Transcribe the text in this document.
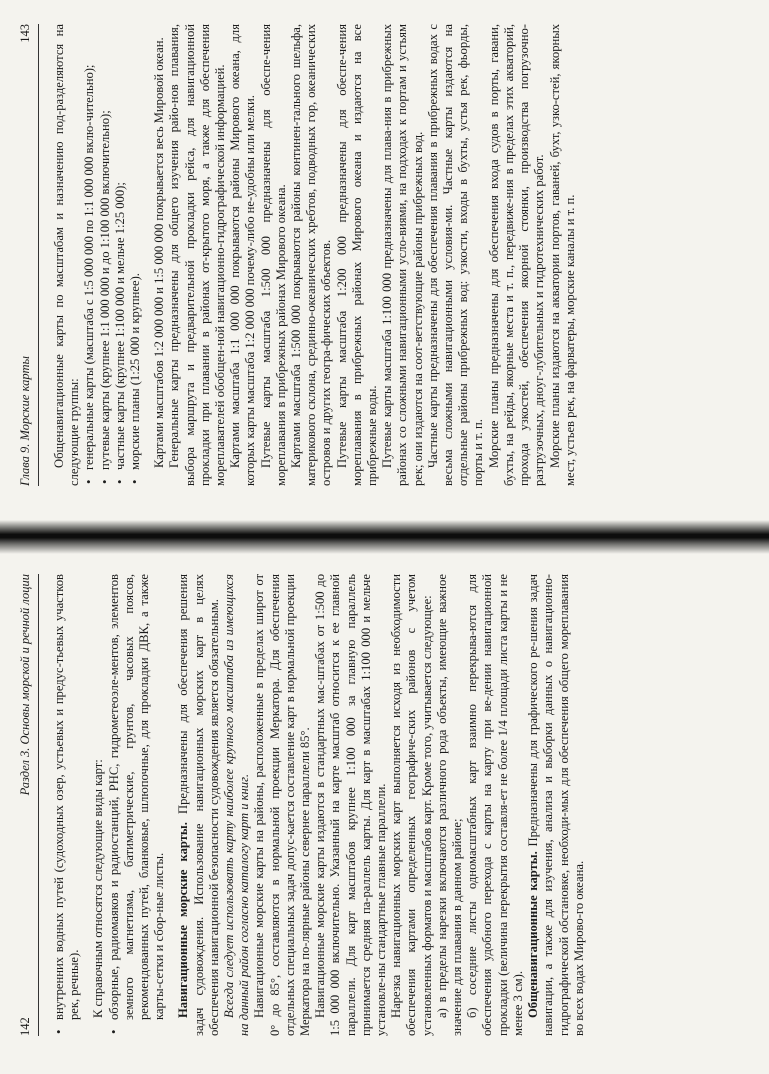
142
Раздел 3. Основы морской и речной лоции • внутренних водных путей (судоходных озер, устьевых и предус-тьевых участков рек, речные). К справочным относятся следующие виды карт: • обзорные, радиомаяков и радиостанций, РНС, гидрометеоэле-ментов, элементов земного магнетизма, батиметрические, грунтов, часовых поясов, рекомендованных путей, бланковые, шлюпочные, для прокладки ДВК, а также карты-сетки и сбор-ные листы. Навигационные морские карты. Предназначены для обеспечения решения задач судовождения. Использование навигационных морских карт в целях обеспечения навигационной безопасности судовождения является обязательным. Всегда следует использовать карту наиболее крупного масштаба из имеющихся на данный район согласно каталогу карт и книг. Навигационные морские карты на районы, расположенные в пределах широт от 0° до 85°, составляются в нормальной проекции Меркатора. Для обеспечения отдельных специальных задач допус-кается составление карт в нормальной проекции Меркатора на по-лярные районы севернее параллели 85°. Навигационные морские карты издаются в стандартных мас-штабах от 1:500 до 1:5 000 000 включительно. Указанный на карте масштаб относится к ее главной параллели. Для карт масштабов крупнее 1:100 000 за главную параллель принимается средняя па-раллель карты. Для карт в масштабах 1:100 000 и мельче установле-ны стандартные главные параллели. Нарезка навигационных морских карт выполняется исходя из необходимости обеспечения картами определенных географиче-ских районов с учетом установленных форматов и масштабов карт. Кроме того, учитывается следующее: а) в пределы нарезки включаются различного рода объекты, имеющие важное значение для плавания в данном районе; б) соседние листы одномасштабных карт взаимно перекрыва-ются для обеспечения удобного перехода с карты на карту при ве-дении навигационной прокладки (величина перекрытия составля-ет не более 1/4 площади листа карты и не менее 3 см). Общенавигационные карты. Предназначены для графического ре-шения задач навигации, а также для изучения, анализа и выборки данных о навигационно-гидрографической обстановке, необходи-мых для обеспечения общего мореплавания во всех водах Мирово-го океана.

Глава 9. Морские карты
143 Общенавигационные карты по масштабам и назначению под-разделяются на следующие группы: • генеральные карты (масштаба с 1:5 000 000 по 1:1 000 000 вклю-чительно); • путевые карты (крупнее 1:1 000 000 и до 1:100 000 включительно); • частные карты (крупнее 1:100 000 и мельче 1:25 000); • морские планы (1:25 000 и крупнее). Картами масштабов 1:2 000 000 и 1:5 000 000 покрывается весь Мировой океан. Генеральные карты предназначены для общего изучения райо-нов плавания, выбора маршрута и предварительной прокладки рейса, для навигационной прокладки при плавании в районах от-крытого моря, а также для обеспечения мореплавателей обобщен-ной навигационно-гидрографической информацией. Картами масштаба 1:1 000 000 покрываются районы Мирового океана, для которых карты масштаба 1:2 000 000 почему-либо не-удобны или мелки. Путевые карты масштаба 1:500 000 предназначены для обеспе-чения мореплавания в прибрежных районах Мирового океана. Картами масштаба 1:500 000 покрываются районы континен-тального шельфа, материкового склона, срединно-океанических хребтов, подводных гор, океанических островов и других геогра-фических объектов. Путевые карты масштаба 1:200 000 предназначены для обеспе-чения мореплавания в прибрежных районах Мирового океана и издаются на все прибрежные воды. Путевые карты масштаба 1:100 000 предназначены для плава-ния в прибрежных районах со сложными навигационными усло-виями, на подходах к портам и устьям рек; они издаются на соот-ветствующие районы прибрежных вод. Частные карты предназначены для обеспечения плавания в прибрежных водах с весьма сложными навигационными условия-ми. Частные карты издаются на отдельные районы прибрежных вод: узкости, входы в бухты, устья рек, фьорды, порты и т. п. Морские планы предназначены для обеспечения входа судов в порты, гавани, бухты, на рейды, якорные места и т. п., передвиже-ния в пределах этих акваторий, прохода узкостей, обеспечения якорной стоянки, производства погрузочно-разгрузочных, днoуг-лубительных и гидротехнических работ. Морские планы издаются на акватории портов, гаваней, бухт, узко-стей, якорных мест, устьев рек, на фарватеры, морские каналы и т. п.
